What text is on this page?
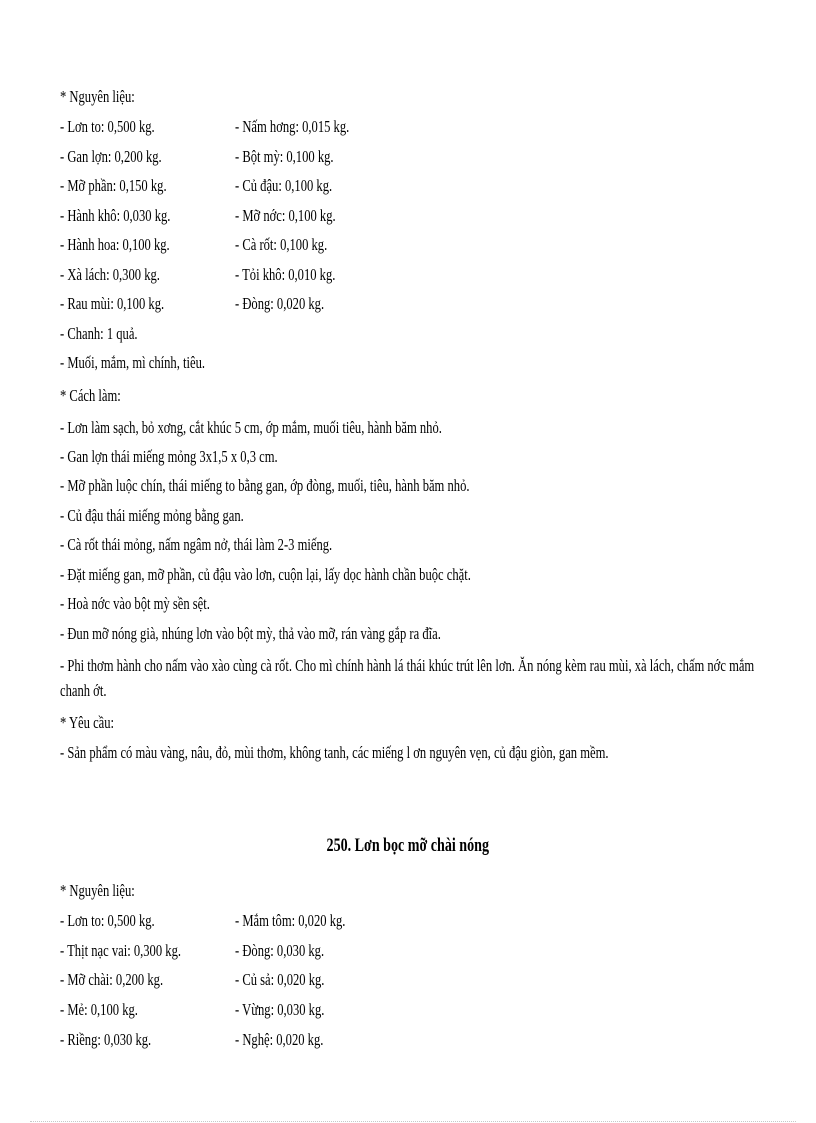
* Nguyên liệu:
- Lơn to: 0,500 kg.
- Gan lợn: 0,200 kg.
- Mỡ phần: 0,150 kg.
- Hành khô: 0,030 kg.
- Hành hoa: 0,100 kg.
- Xà lách: 0,300 kg.
- Rau mùi: 0,100 kg.
- Chanh: 1 quả.
- Muối, mắm, mì chính, tiêu.
- Nấm hơng: 0,015 kg.
- Bột mỳ: 0,100 kg.
- Củ đậu: 0,100 kg.
- Mỡ nớc: 0,100 kg.
- Cà rốt: 0,100 kg.
- Tỏi khô: 0,010 kg.
- Đòng: 0,020 kg.
* Cách làm:
- Lơn làm sạch, bỏ xơng, cắt khúc 5 cm, ớp mắm, muối tiêu, hành băm nhỏ.
- Gan lợn thái miếng mỏng 3x1,5 x 0,3 cm.
- Mỡ phần luộc chín, thái miếng to bằng gan, ớp đòng, muối, tiêu, hành băm nhỏ.
- Củ đậu thái miếng mỏng bằng gan.
- Cà rốt thái mỏng, nấm ngâm nở, thái làm 2-3 miếng.
- Đặt miếng gan, mỡ phần, củ đậu vào lơn, cuộn lại, lấy dọc hành chần buộc chặt.
- Hoà nớc vào bột mỳ sền sệt.
- Đun mỡ nóng già, nhúng lơn vào bột mỳ, thả vào mỡ, rán vàng gắp ra đĩa.
- Phi thơm hành cho nấm vào xào cùng cà rốt. Cho mì chính hành lá thái khúc trút lên lơn. Ăn nóng kèm rau mùi, xà lách, chấm nớc mắm chanh ớt.
* Yêu cầu:
- Sản phẩm có màu vàng, nâu, đỏ, mùi thơm, không tanh, các miếng l ơn nguyên vẹn, củ đậu giòn, gan mềm.
250. Lơn bọc mỡ chài nóng
* Nguyên liệu:
- Lơn to: 0,500 kg.
- Thịt nạc vai: 0,300 kg.
- Mỡ chài: 0,200 kg.
- Mẻ: 0,100 kg.
- Riềng: 0,030 kg.
- Mắm tôm: 0,020 kg.
- Đòng: 0,030 kg.
- Củ sả: 0,020 kg.
- Vừng: 0,030 kg.
- Nghệ: 0,020 kg.
